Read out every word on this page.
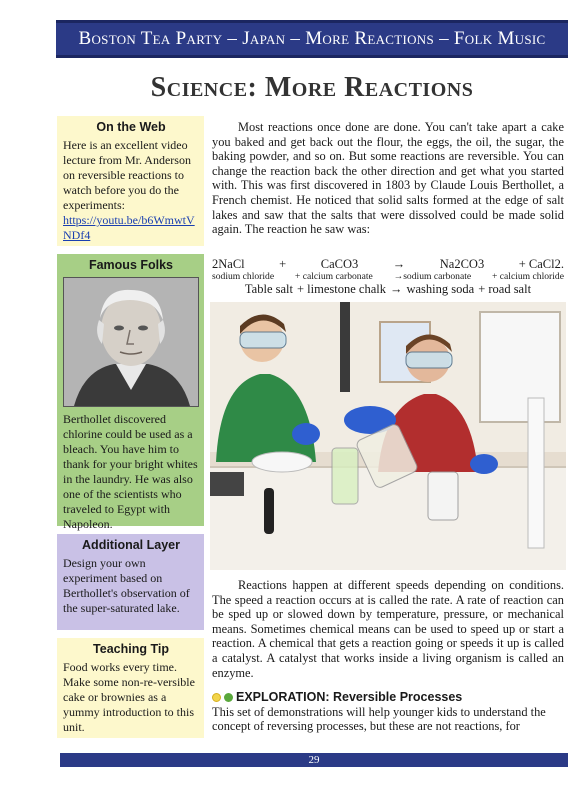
Boston Tea Party – Japan – More Reactions – Folk Music
Science: More Reactions
On the Web
Here is an excellent video lecture from Mr. Anderson on reversible reactions to watch before you do the experiments:
https://youtu.be/b6WmwtVNDf4
Famous Folks
Berthollet discovered chlorine could be used as a bleach. You have him to thank for your bright whites in the laundry. He was also one of the scientists who traveled to Egypt with Napoleon.
Additional Layer
Design your own experiment based on Berthollet's observation of the super-saturated lake.
Teaching Tip
Food works every time. Make some non-re-versible cake or brownies as a yummy introduction to this unit.
Most reactions once done are done. You can't take apart a cake you baked and get back out the flour, the eggs, the oil, the sugar, the baking powder, and so on. But some reactions are reversible. You can change the reaction back the other direction and get what you started with. This was first discovered in 1803 by Claude Louis Berthollet, a French chemist. He noticed that solid salts formed at the edge of salt lakes and saw that the salts that were dissolved could be made solid again. The reaction he saw was:
2NaCl	+	CaCO3	→	Na2CO3	+ CaCl2.
sodium chloride + calcium carbonate →sodium carbonate + calcium chloride
Table salt + limestone chalk → washing soda + road salt
Reactions happen at different speeds depending on conditions. The speed a reaction occurs at is called the rate. A rate of reaction can be sped up or slowed down by temperature, pressure, or mechanical means. Sometimes chemical means can be used to speed up or start a reaction. A chemical that gets a reaction going or speeds it up is called a catalyst. A catalyst that works inside a living organism is called an enzyme.
EXPLORATION: Reversible Processes
This set of demonstrations will help younger kids to understand the concept of reversing processes, but these are not reactions, for
29
